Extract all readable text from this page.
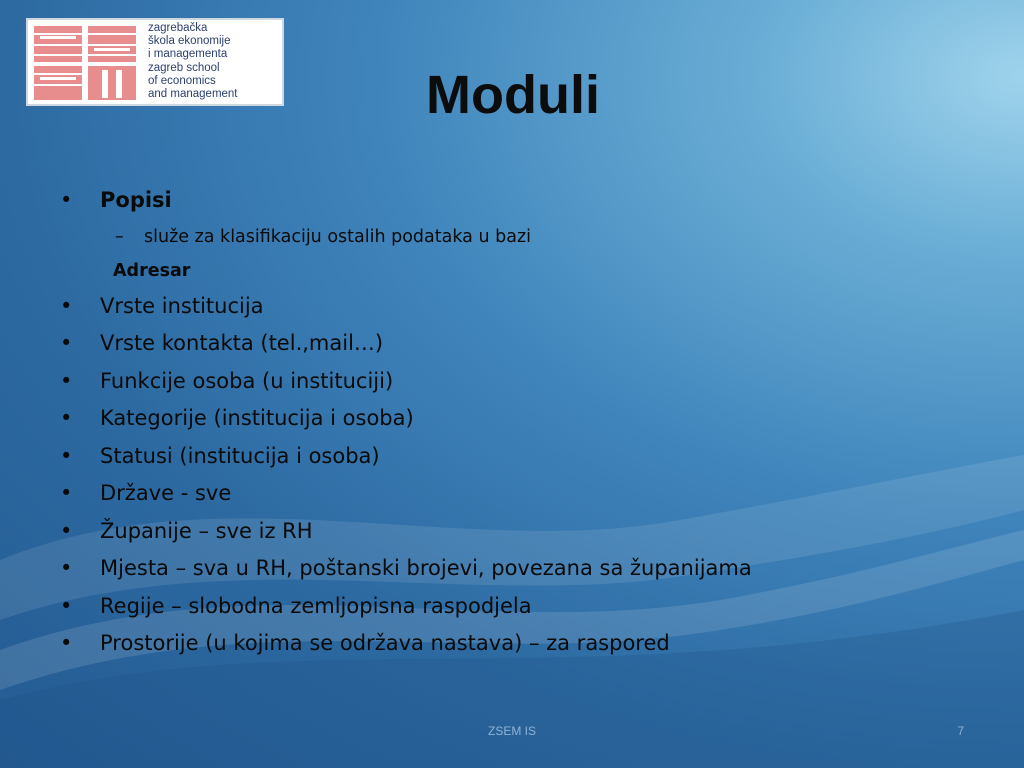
zagrebačka
škola ekonomije
i managementa
zagreb school
of economics
and management	Moduli
• Popisi
– služe za klasifikaciju ostalih podataka u bazi
Adresar
• Vrste institucija
• Vrste kontakta (tel.,mail…)
• Funkcije osoba (u instituciji)
• Kategorije (institucija i osoba)
• Statusi (institucija i osoba)
• Države - sve
• Županije – sve iz RH
• Mjesta – sva u RH, poštanski brojevi, povezana sa županijama
• Regije – slobodna zemljopisna raspodjela
• Prostorije (u kojima se održava nastava) – za raspored
ZSEM IS	7
